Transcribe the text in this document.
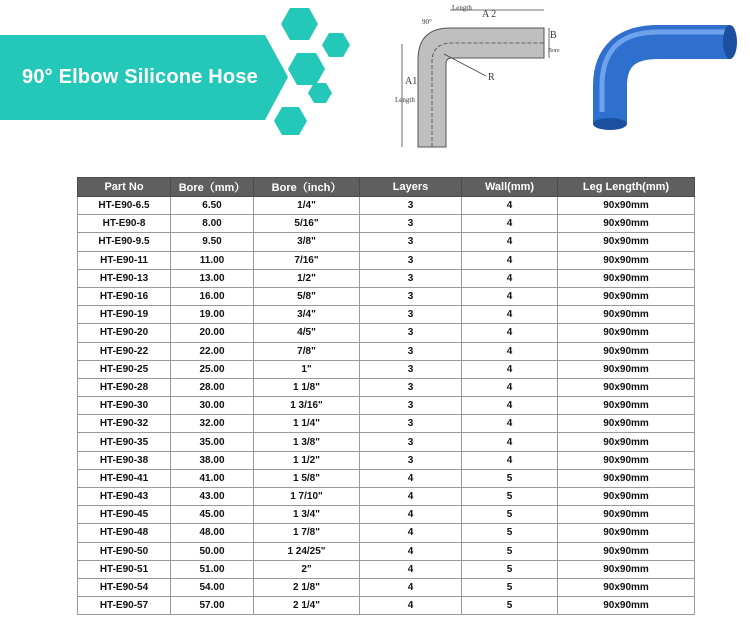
90° Elbow Silicone Hose
Length
A 2
B
Bore
90°
R
A1
Length
Part No	Bore（mm）	Bore（inch）	Layers	Wall(mm)	Leg Length(mm)
HT-E90-6.5	6.50	1/4"	3	4	90x90mm
HT-E90-8	8.00	5/16"	3	4	90x90mm
HT-E90-9.5	9.50	3/8"	3	4	90x90mm
HT-E90-11	11.00	7/16"	3	4	90x90mm
HT-E90-13	13.00	1/2"	3	4	90x90mm
HT-E90-16	16.00	5/8"	3	4	90x90mm
HT-E90-19	19.00	3/4"	3	4	90x90mm
HT-E90-20	20.00	4/5"	3	4	90x90mm
HT-E90-22	22.00	7/8"	3	4	90x90mm
HT-E90-25	25.00	1"	3	4	90x90mm
HT-E90-28	28.00	1 1/8"	3	4	90x90mm
HT-E90-30	30.00	1 3/16"	3	4	90x90mm
HT-E90-32	32.00	1 1/4"	3	4	90x90mm
HT-E90-35	35.00	1 3/8"	3	4	90x90mm
HT-E90-38	38.00	1 1/2"	3	4	90x90mm
HT-E90-41	41.00	1 5/8"	4	5	90x90mm
HT-E90-43	43.00	1 7/10"	4	5	90x90mm
HT-E90-45	45.00	1 3/4"	4	5	90x90mm
HT-E90-48	48.00	1 7/8"	4	5	90x90mm
HT-E90-50	50.00	1 24/25"	4	5	90x90mm
HT-E90-51	51.00	2"	4	5	90x90mm
HT-E90-54	54.00	2 1/8"	4	5	90x90mm
HT-E90-57	57.00	2 1/4"	4	5	90x90mm
